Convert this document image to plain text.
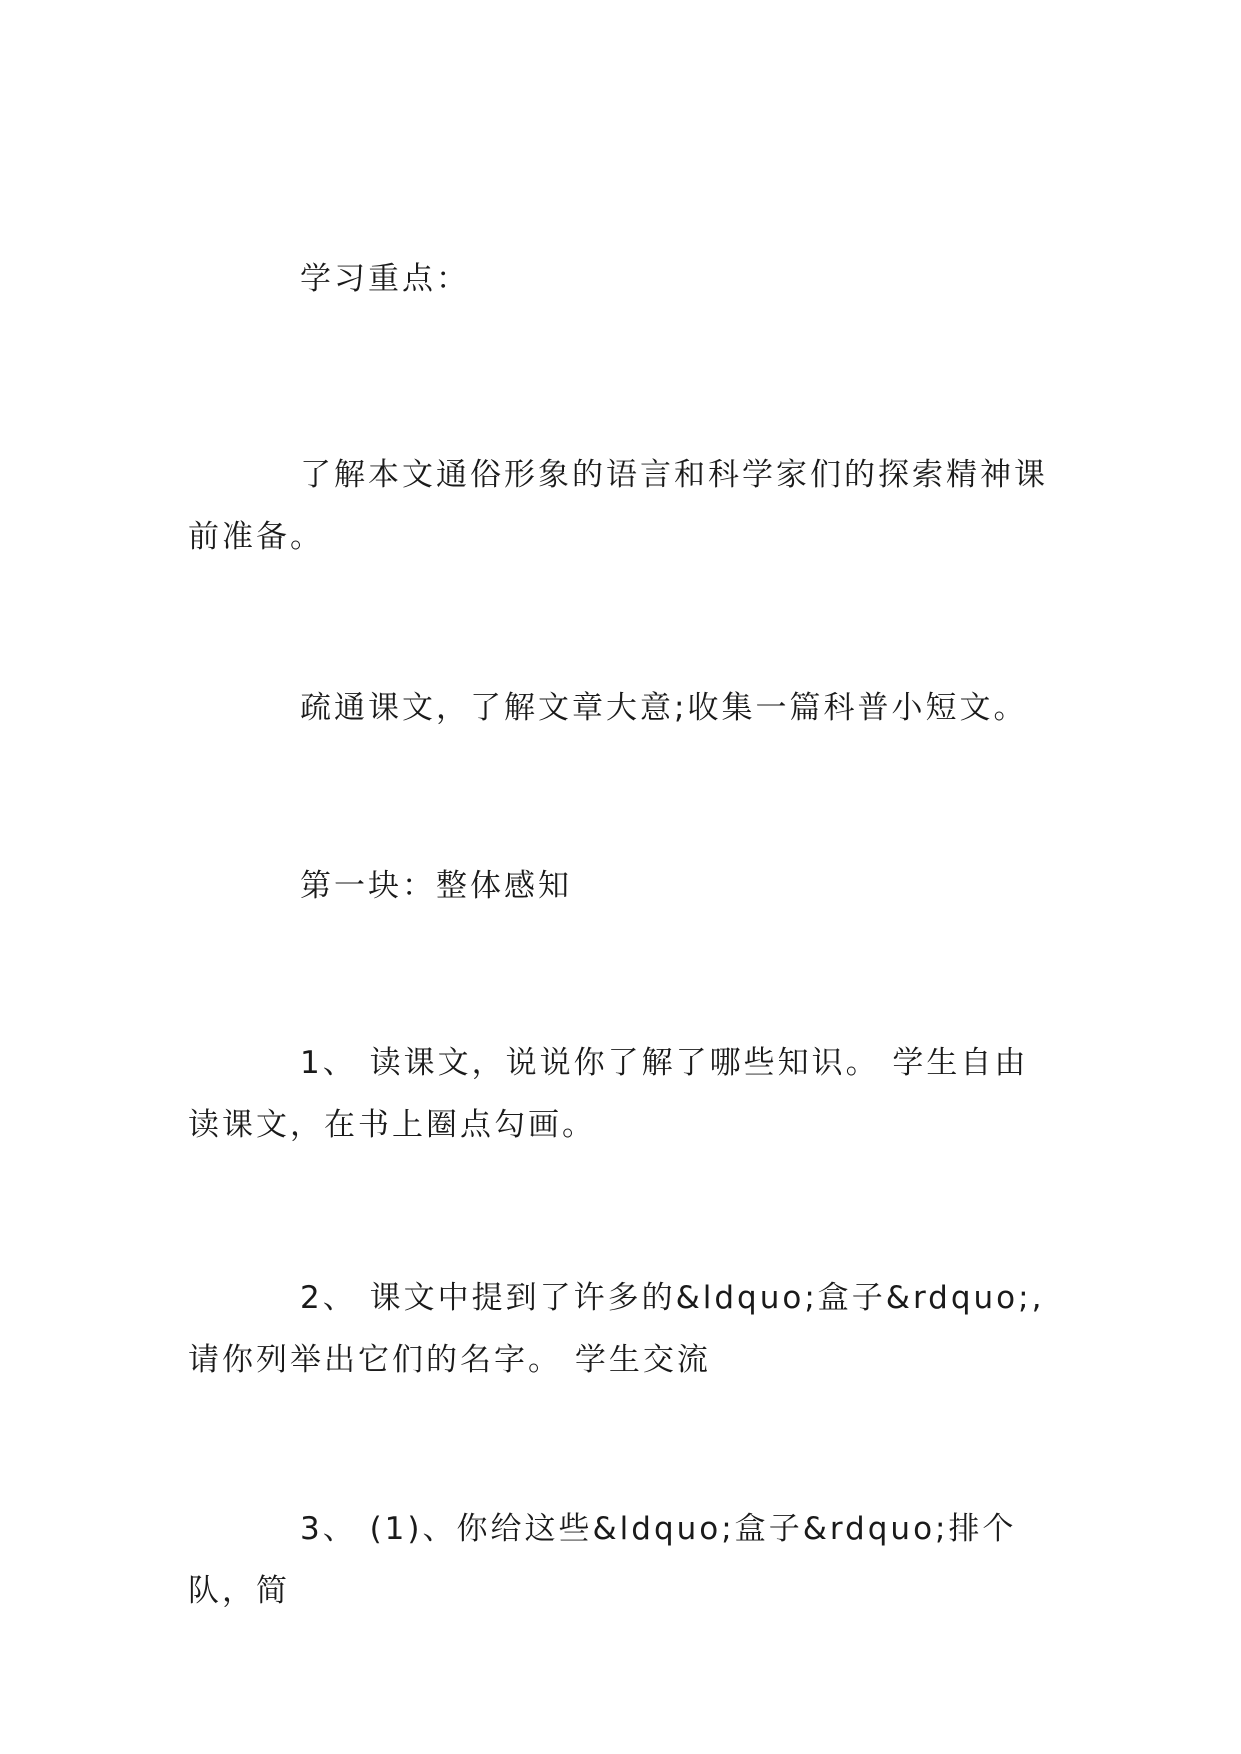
学习重点：

了解本文通俗形象的语言和科学家们的探索精神课前准备。

疏通课文，了解文章大意;收集一篇科普小短文。

第一块：整体感知

1、 读课文，说说你了解了哪些知识。 学生自由读课文，在书上圈点勾画。

2、 课文中提到了许多的&ldquo;盒子&rdquo;,请你列举出它们的名字。 学生交流

3、 (1)、你给这些&ldquo;盒子&rdquo;排个队，简
